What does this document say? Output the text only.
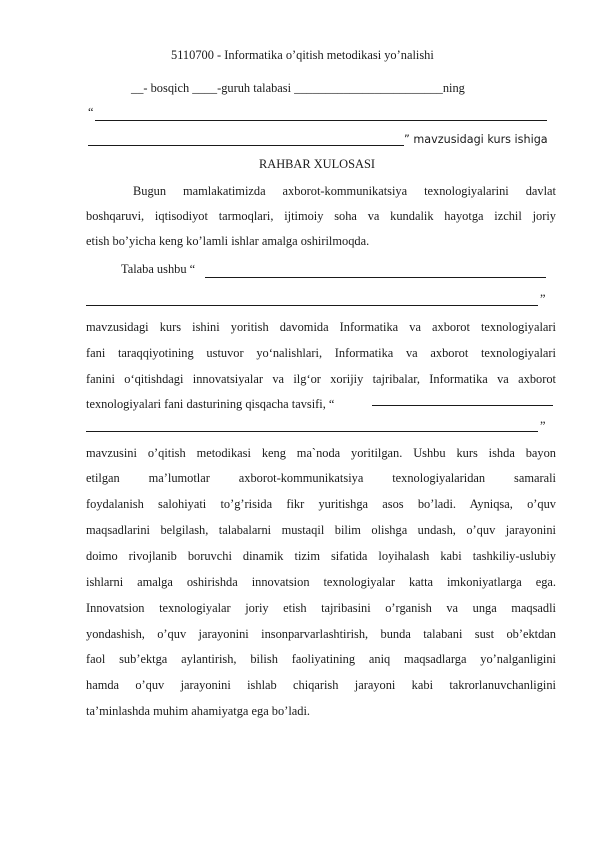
5110700 - Informatika o’qitish metodikasi yo’nalishi
__- bosqich ____-guruh talabasi ________________________ning
“
” mavzusidagi kurs ishiga
RAHBAR XULOSASI
Bugun mamlakatimizda axborot-kommunikatsiya texnologiyalarini davlat
boshqaruvi, iqtisodiyot tarmoqlari, ijtimoiy soha va kundalik hayotga izchil joriy
etish bo’yicha keng ko’lamli ishlar amalga oshirilmoqda.
Talaba ushbu “
”
mavzusidagi kurs ishini yoritish davomida Informatika va axborot texnologiyalari
fani taraqqiyotining ustuvor yo‘nalishlari, Informatika va axborot texnologiyalari
fanini o‘qitishdagi innovatsiyalar va ilg‘or xorijiy tajribalar, Informatika va axborot
texnologiyalari fani dasturining qisqacha tavsifi, “
”
mavzusini o’qitish metodikasi keng ma`noda yoritilgan. Ushbu kurs ishda bayon
etilgan ma’lumotlar axborot-kommunikatsiya texnologiyalaridan samarali
foydalanish salohiyati to’g’risida fikr yuritishga asos bo’ladi. Ayniqsa, o’quv
maqsadlarini belgilash, talabalarni mustaqil bilim olishga undash, o’quv jarayonini
doimo rivojlanib boruvchi dinamik tizim sifatida loyihalash kabi tashkiliy-uslubiy
ishlarni amalga oshirishda innovatsion texnologiyalar katta imkoniyatlarga ega.
Innovatsion texnologiyalar joriy etish tajribasini o’rganish va unga maqsadli
yondashish, o’quv jarayonini insonparvarlashtirish, bunda talabani sust ob’ektdan
faol sub’ektga aylantirish, bilish faoliyatining aniq maqsadlarga yo’nalganligini
hamda o’quv jarayonini ishlab chiqarish jarayoni kabi takrorlanuvchanligini
ta’minlashda muhim ahamiyatga ega bo’ladi.
